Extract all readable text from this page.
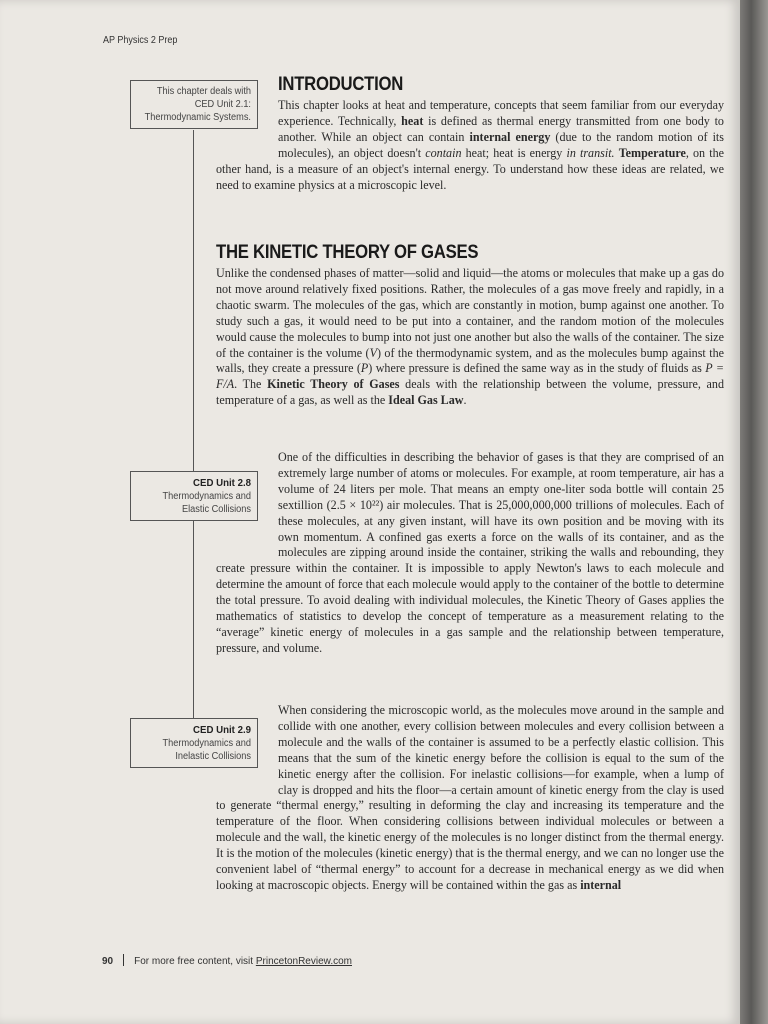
AP Physics 2 Prep
This chapter deals with
CED Unit 2.1:
Thermodynamic Systems.
CED Unit 2.8
Thermodynamics and
Elastic Collisions
CED Unit 2.9
Thermodynamics and
Inelastic Collisions
INTRODUCTION

This chapter looks at heat and temperature, concepts that seem familiar from our everyday experience. Technically, heat is defined as thermal energy transmitted from one body to another. While an object can contain internal energy (due to the random motion of its molecules), an object doesn't contain heat; heat is energy in transit. Temperature, on the other hand, is a measure of an object's internal energy. To understand how these ideas are related, we need to examine physics at a microscopic level.

THE KINETIC THEORY OF GASES

Unlike the condensed phases of matter—solid and liquid—the atoms or molecules that make up a gas do not move around relatively fixed positions. Rather, the molecules of a gas move freely and rapidly, in a chaotic swarm. The molecules of the gas, which are constantly in motion, bump against one another. To study such a gas, it would need to be put into a container, and the random motion of the molecules would cause the molecules to bump into not just one another but also the walls of the container. The size of the container is the volume (V) of the thermodynamic system, and as the molecules bump against the walls, they create a pressure (P) where pressure is defined the same way as in the study of fluids as P = F/A. The Kinetic Theory of Gases deals with the relationship between the volume, pressure, and temperature of a gas, as well as the Ideal Gas Law.

One of the difficulties in describing the behavior of gases is that they are comprised of an extremely large number of atoms or molecules. For example, at room temperature, air has a volume of 24 liters per mole. That means an empty one-liter soda bottle will contain 25 sextillion (2.5 × 10²²) air molecules. That is 25,000,000,000 trillions of molecules. Each of these molecules, at any given instant, will have its own position and be moving with its own momentum. A confined gas exerts a force on the walls of its container, and as the molecules are zipping around inside the container, striking the walls and rebounding, they create pressure within the container. It is impossible to apply Newton's laws to each molecule and determine the amount of force that each molecule would apply to the container of the bottle to determine the total pressure. To avoid dealing with individual molecules, the Kinetic Theory of Gases applies the mathematics of statistics to develop the concept of temperature as a measurement relating to the “average” kinetic energy of molecules in a gas sample and the relationship between temperature, pressure, and volume.

When considering the microscopic world, as the molecules move around in the sample and collide with one another, every collision between molecules and every collision between a molecule and the walls of the container is assumed to be a perfectly elastic collision. This means that the sum of the kinetic energy before the collision is equal to the sum of the kinetic energy after the collision. For inelastic collisions—for example, when a lump of clay is dropped and hits the floor—a certain amount of kinetic energy from the clay is used to generate “thermal energy,” resulting in deforming the clay and increasing its temperature and the temperature of the floor. When considering collisions between individual molecules or between a molecule and the wall, the kinetic energy of the molecules is no longer distinct from the thermal energy. It is the motion of the molecules (kinetic energy) that is the thermal energy, and we can no longer use the convenient label of “thermal energy” to account for a decrease in mechanical energy as we did when looking at macroscopic objects. Energy will be contained within the gas as internal

90 For more free content, visit PrincetonReview.com
